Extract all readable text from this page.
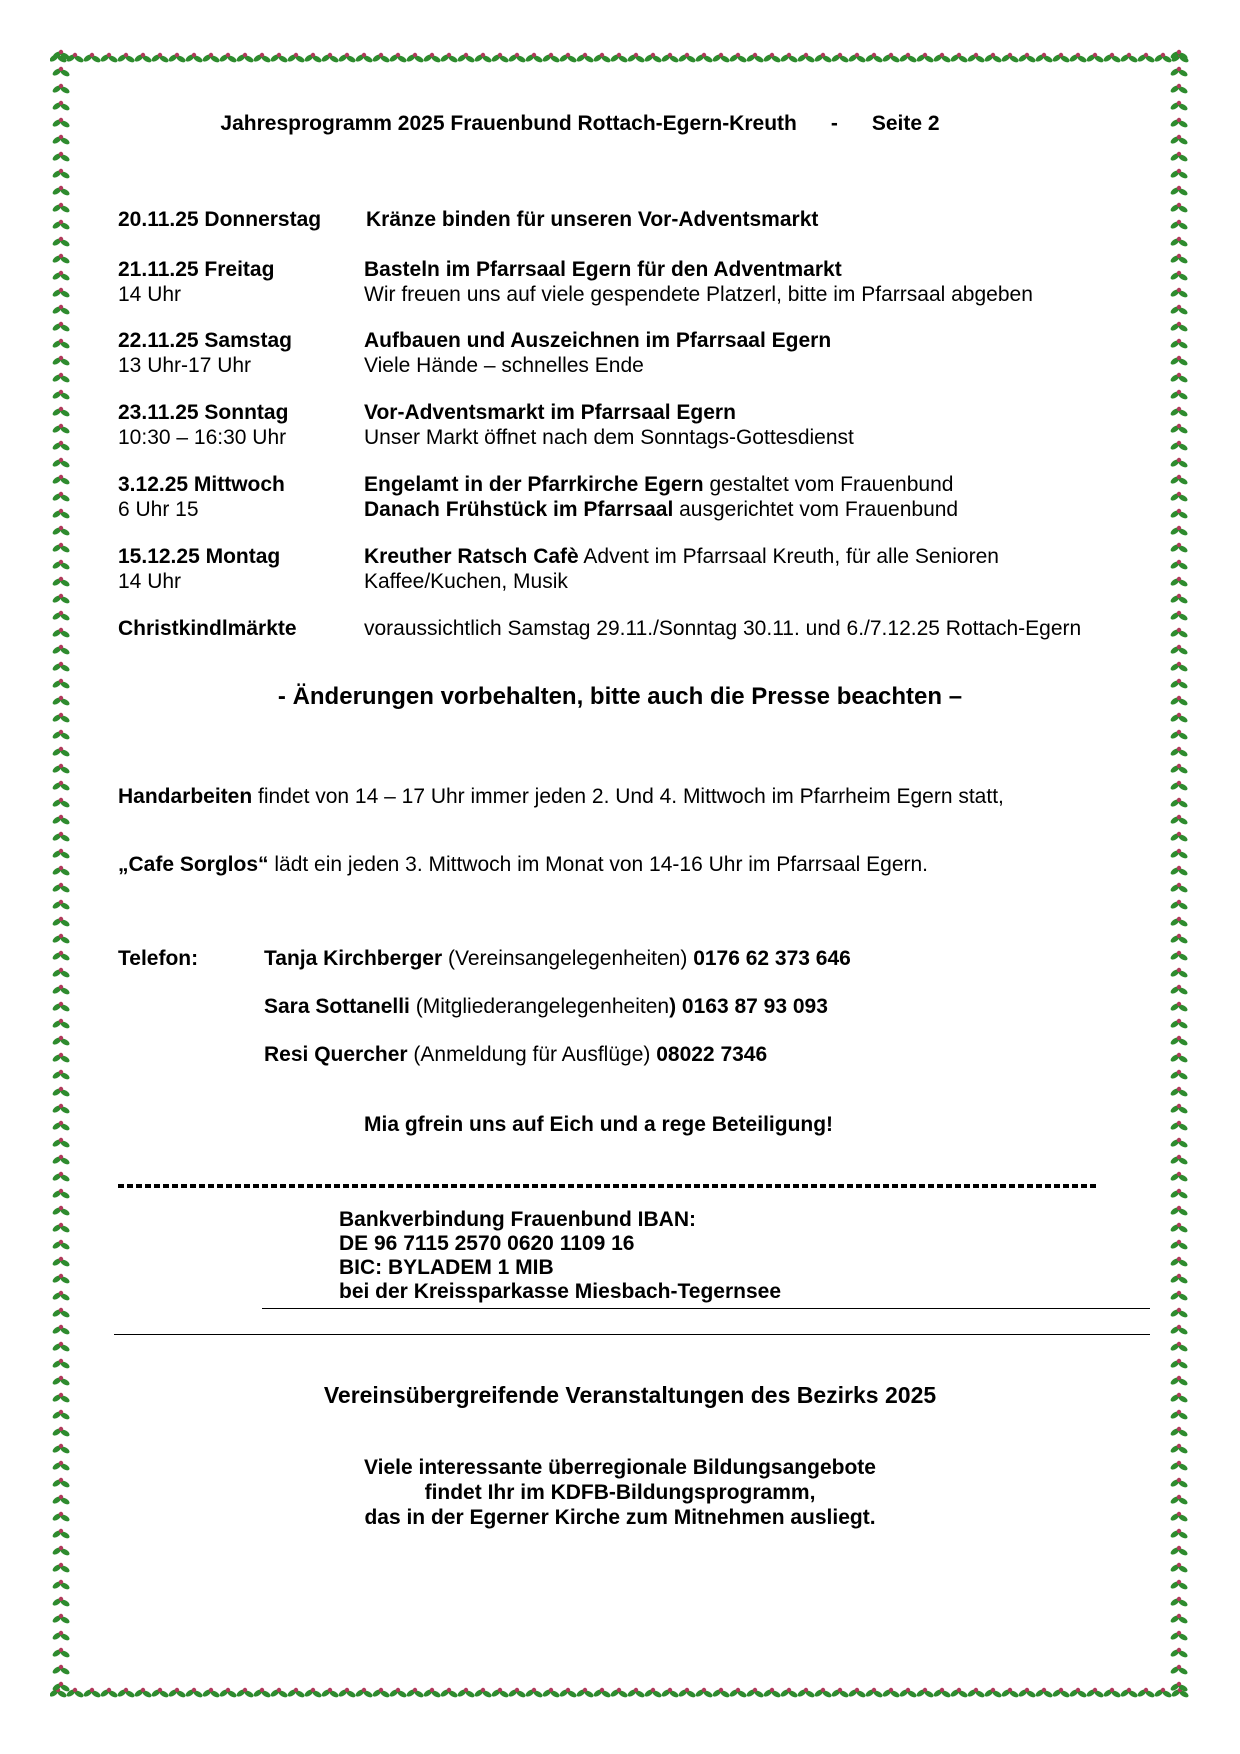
Jahresprogramm 2025 Frauenbund Rottach-Egern-Kreuth - Seite 2
20.11.25 Donnerstag Kränze binden für unseren Vor-Adventsmarkt
21.11.25 Freitag	Basteln im Pfarrsaal Egern für den Adventmarkt
14 Uhr	Wir freuen uns auf viele gespendete Platzerl, bitte im Pfarrsaal abgeben
22.11.25 Samstag	Aufbauen und Auszeichnen im Pfarrsaal Egern
13 Uhr-17 Uhr	Viele Hände – schnelles Ende
23.11.25 Sonntag	Vor-Adventsmarkt im Pfarrsaal Egern
10:30 – 16:30 Uhr	Unser Markt öffnet nach dem Sonntags-Gottesdienst
3.12.25 Mittwoch	Engelamt in der Pfarrkirche Egern gestaltet vom Frauenbund
6 Uhr 15	Danach Frühstück im Pfarrsaal ausgerichtet vom Frauenbund
15.12.25 Montag	Kreuther Ratsch Cafè Advent im Pfarrsaal Kreuth, für alle Senioren
14 Uhr	Kaffee/Kuchen, Musik
Christkindlmärkte	voraussichtlich Samstag 29.11./Sonntag 30.11. und 6./7.12.25 Rottach-Egern
- Änderungen vorbehalten, bitte auch die Presse beachten –
Handarbeiten findet von 14 – 17 Uhr immer jeden 2. Und 4. Mittwoch im Pfarrheim Egern statt,
„Cafe Sorglos“ lädt ein jeden 3. Mittwoch im Monat von 14-16 Uhr im Pfarrsaal Egern.
Telefon:	Tanja Kirchberger (Vereinsangelegenheiten) 0176 62 373 646
Sara Sottanelli (Mitgliederangelegenheiten) 0163 87 93 093
Resi Quercher (Anmeldung für Ausflüge) 08022 7346
Mia gfrein uns auf Eich und a rege Beteiligung!
Bankverbindung Frauenbund IBAN:
DE 96 7115 2570 0620 1109 16
BIC: BYLADEM 1 MIB
bei der Kreissparkasse Miesbach-Tegernsee
Vereinsübergreifende Veranstaltungen des Bezirks 2025
Viele interessante überregionale Bildungsangebote
findet Ihr im KDFB-Bildungsprogramm,
das in der Egerner Kirche zum Mitnehmen ausliegt.
